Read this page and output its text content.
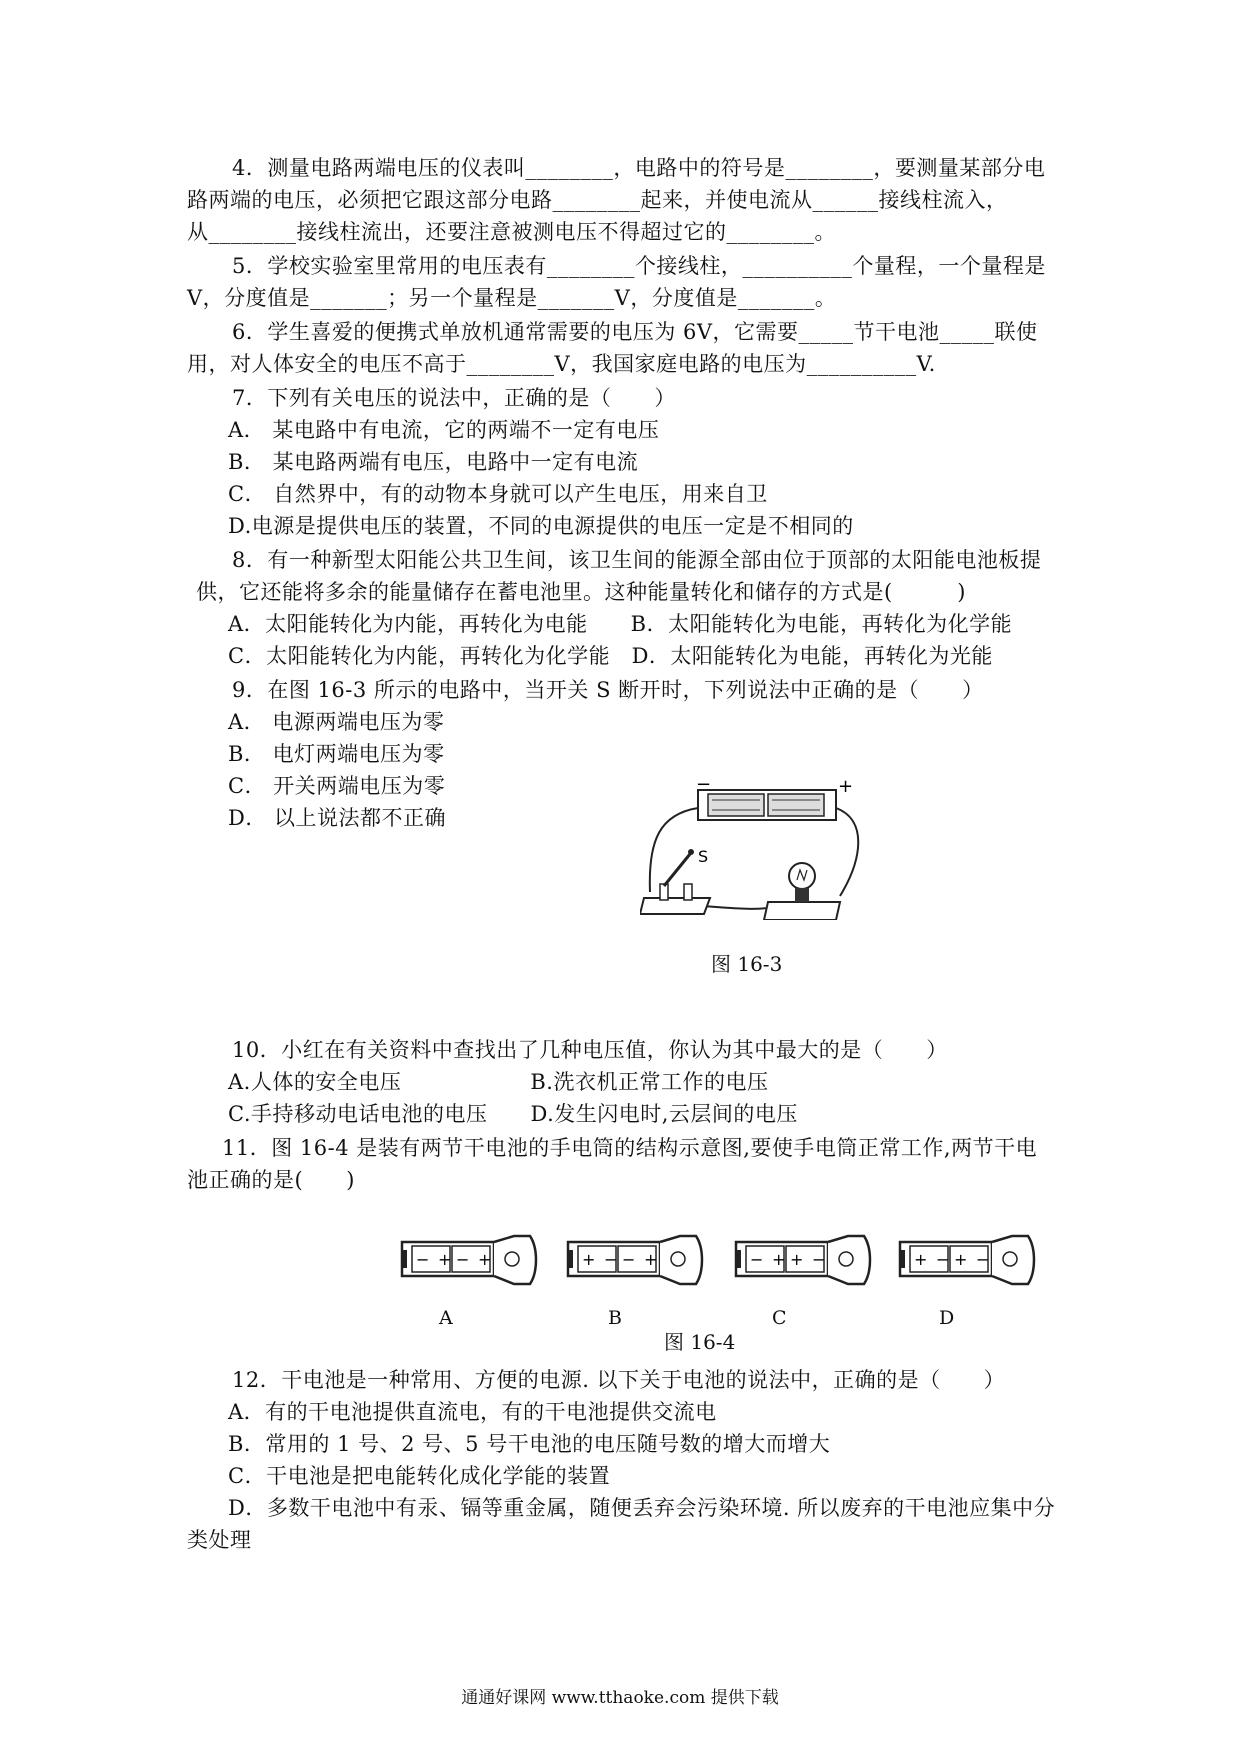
4．测量电路两端电压的仪表叫________，电路中的符号是________，要测量某部分电
路两端的电压，必须把它跟这部分电路________起来，并使电流从______接线柱流入，
从________接线柱流出，还要注意被测电压不得超过它的________。
5．学校实验室里常用的电压表有________个接线柱，__________个量程，一个量程是
V，分度值是_______；另一个量程是_______V，分度值是_______。
6．学生喜爱的便携式单放机通常需要的电压为 6V，它需要_____节干电池_____联使
用，对人体安全的电压不高于________V，我国家庭电路的电压为__________V.
7．下列有关电压的说法中，正确的是（　　）
A． 某电路中有电流，它的两端不一定有电压
B． 某电路两端有电压，电路中一定有电流
C． 自然界中，有的动物本身就可以产生电压，用来自卫
D.电源是提供电压的装置，不同的电源提供的电压一定是不相同的
8．有一种新型太阳能公共卫生间，该卫生间的能源全部由位于顶部的太阳能电池板提
供，它还能将多余的能量储存在蓄电池里。这种能量转化和储存的方式是(　　　)
A．太阳能转化为内能，再转化为电能　　B．太阳能转化为电能，再转化为化学能
C．太阳能转化为内能，再转化为化学能　D．太阳能转化为电能，再转化为光能
9．在图 16-3 所示的电路中，当开关 S 断开时，下列说法中正确的是（　　）
A． 电源两端电压为零
B． 电灯两端电压为零
C． 开关两端电压为零
D． 以上说法都不正确
−	+
S
图 16-3
10．小红在有关资料中查找出了几种电压值，你认为其中最大的是（　　）
A.人体的安全电压　　　　　　B.洗衣机正常工作的电压
C.手持移动电话电池的电压　　D.发生闪电时,云层间的电压
11．图 16-4 是装有两节干电池的手电筒的结构示意图,要使手电筒正常工作,两节干电
池正确的是(　　)
− + − +	+ − − +	− + + −	+ − + −
A	B	C	D
图 16-4
12．干电池是一种常用、方便的电源. 以下关于电池的说法中，正确的是（　　）
A．有的干电池提供直流电，有的干电池提供交流电
B．常用的 1 号、2 号、5 号干电池的电压随号数的增大而增大
C．干电池是把电能转化成化学能的装置
D．多数干电池中有汞、镉等重金属，随便丢弃会污染环境. 所以废弃的干电池应集中分
类处理
通通好课网 www.tthaoke.com 提供下载
